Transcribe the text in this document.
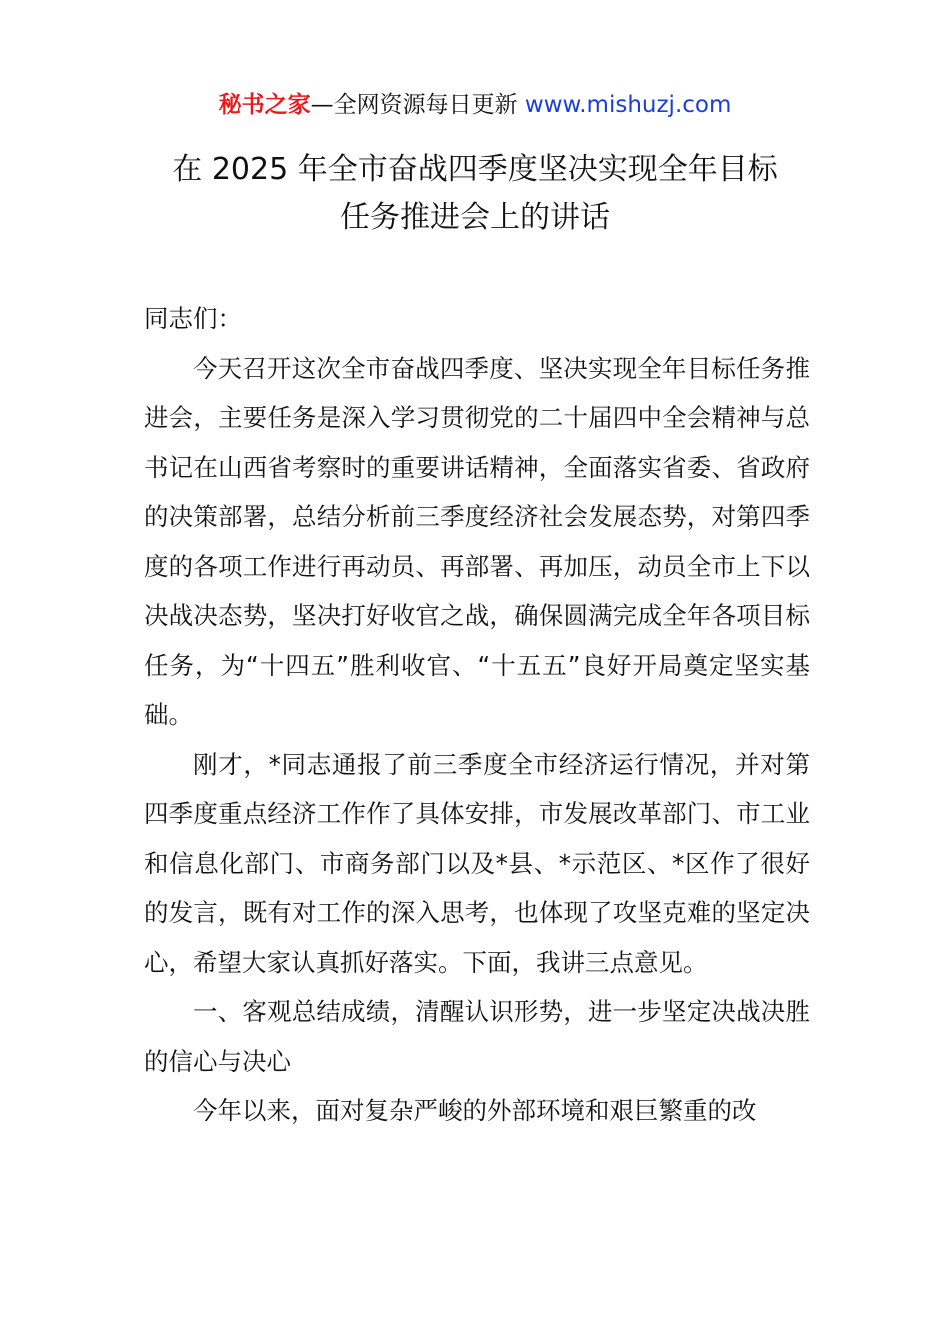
秘书之家—全网资源每日更新 www.mishuzj.com
在 2025 年全市奋战四季度坚决实现全年目标
任务推进会上的讲话

同志们：

今天召开这次全市奋战四季度、坚决实现全年目标任务推进会，主要任务是深入学习贯彻党的二十届四中全会精神与总书记在山西省考察时的重要讲话精神，全面落实省委、省政府的决策部署，总结分析前三季度经济社会发展态势，对第四季度的各项工作进行再动员、再部署、再加压，动员全市上下以决战决态势，坚决打好收官之战，确保圆满完成全年各项目标任务，为“十四五”胜利收官、“十五五”良好开局奠定坚实基础。

刚才，*同志通报了前三季度全市经济运行情况，并对第四季度重点经济工作作了具体安排，市发展改革部门、市工业和信息化部门、市商务部门以及*县、*示范区、*区作了很好的发言，既有对工作的深入思考，也体现了攻坚克难的坚定决心，希望大家认真抓好落实。下面，我讲三点意见。

一、客观总结成绩，清醒认识形势，进一步坚定决战决胜的信心与决心

今年以来，面对复杂严峻的外部环境和艰巨繁重的改
